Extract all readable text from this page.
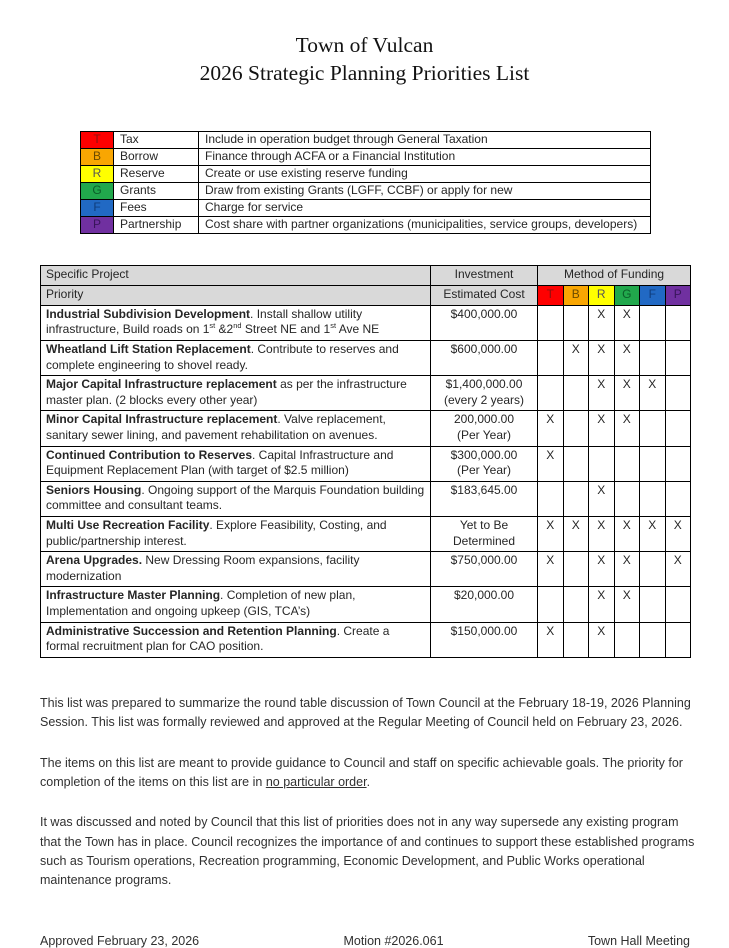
Town of Vulcan
2026 Strategic Planning Priorities List
T	Tax	Include in operation budget through General Taxation
B	Borrow	Finance through ACFA or a Financial Institution
R	Reserve	Create or use existing reserve funding
G	Grants	Draw from existing Grants (LGFF, CCBF) or apply for new
F	Fees	Charge for service
P	Partnership	Cost share with partner organizations (municipalities, service groups, developers)
Specific Project	Investment	Method of Funding					
Priority	Estimated Cost	T	B	R	G	F	P
Industrial Subdivision Development. Install shallow utility infrastructure, Build roads on 1st &2nd Street NE and 1st Ave NE	$400,000.00			X	X		
Wheatland Lift Station Replacement. Contribute to reserves and complete engineering to shovel ready.	$600,000.00		X	X	X		
Major Capital Infrastructure replacement as per the infrastructure master plan. (2 blocks every other year)	$1,400,000.00
(every 2 years)			X	X	X	
Minor Capital Infrastructure replacement. Valve replacement, sanitary sewer lining, and pavement rehabilitation on avenues.	200,000.00
(Per Year)	X		X	X		
Continued Contribution to Reserves. Capital Infrastructure and Equipment Replacement Plan (with target of $2.5 million)	$300,000.00
(Per Year)	X					
Seniors Housing. Ongoing support of the Marquis Foundation building committee and consultant teams.	$183,645.00			X			
Multi Use Recreation Facility. Explore Feasibility, Costing, and public/partnership interest.	Yet to Be
Determined	X	X	X	X	X	X
Arena Upgrades. New Dressing Room expansions, facility modernization	$750,000.00	X		X	X		X
Infrastructure Master Planning. Completion of new plan, Implementation and ongoing upkeep (GIS, TCA’s)	$20,000.00			X	X		
Administrative Succession and Retention Planning. Create a formal recruitment plan for CAO position.	$150,000.00	X		X			

This list was prepared to summarize the round table discussion of Town Council at the February 18-19, 2026 Planning Session. This list was formally reviewed and approved at the Regular Meeting of Council held on February 23, 2026.

The items on this list are meant to provide guidance to Council and staff on specific achievable goals. The priority for completion of the items on this list are in no particular order.

It was discussed and noted by Council that this list of priorities does not in any way supersede any existing program that the Town has in place. Council recognizes the importance of and continues to support these established programs such as Tourism operations, Recreation programming, Economic Development, and Public Works operational maintenance programs.

Approved February 23, 2026	Motion #2026.061	Town Hall Meeting
